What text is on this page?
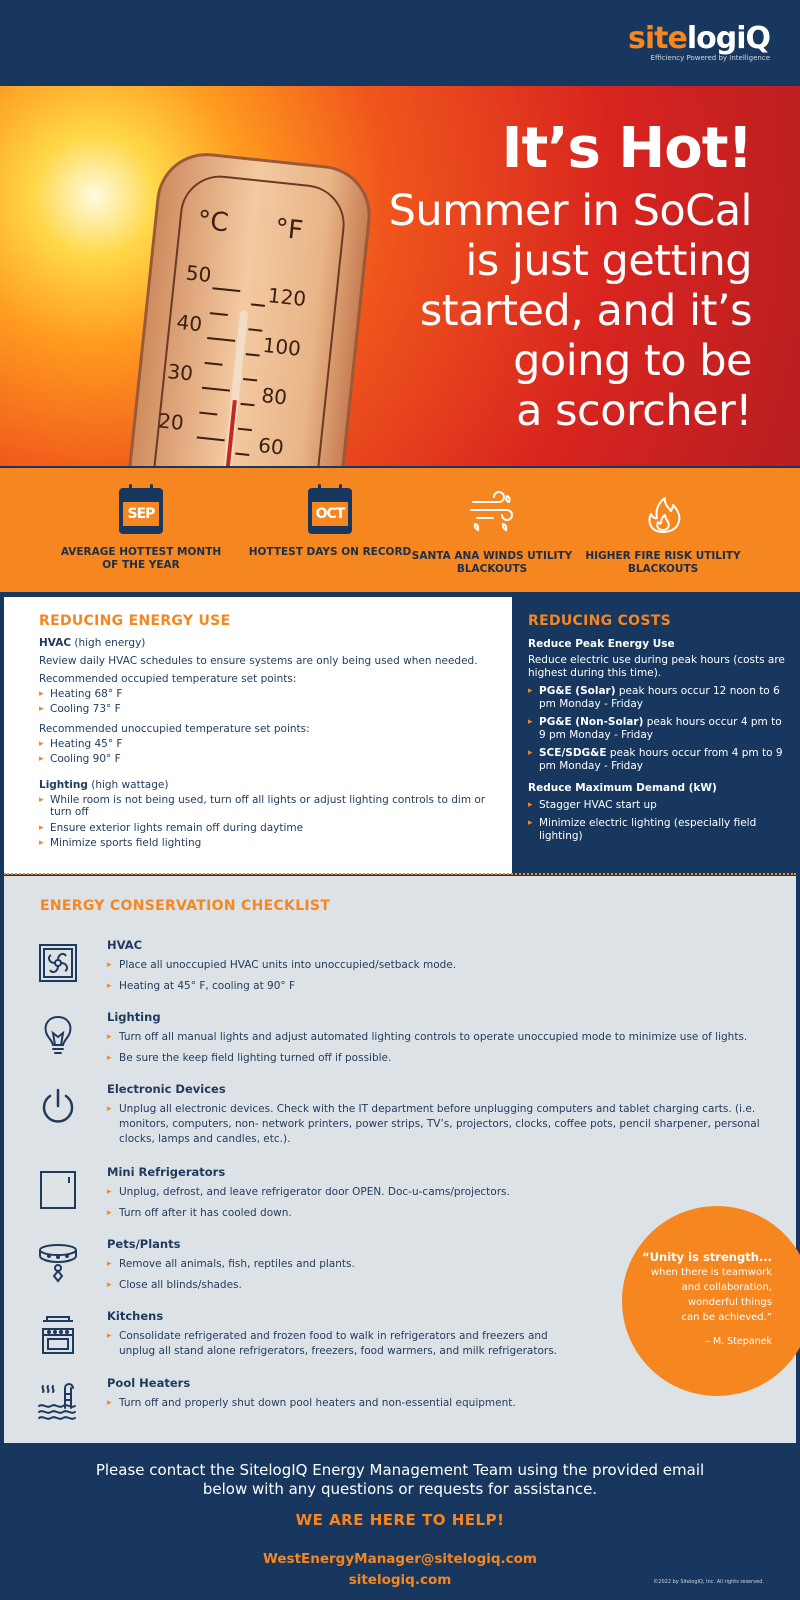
sitelogiQ
Efficiency Powered by Intelligence
°C °F
50
40
30
20
120
100
80
60
It’s Hot!
Summer in SoCal
is just getting
started, and it’s
going to be
a scorcher!
SEP
AVERAGE HOTTEST MONTH OF THE YEAR
OCT
HOTTEST DAYS ON RECORD SANTA ANA WINDS UTILITY BLACKOUTS
HIGHER FIRE RISK UTILITY BLACKOUTS
REDUCING ENERGY USE

HVAC (high energy)

Review daily HVAC schedules to ensure systems are only being used when needed.

Recommended occupied temperature set points:

▸ Heating 68° F
▸ Cooling 73° F

Recommended unoccupied temperature set points:

▸ Heating 45° F
▸ Cooling 90° F

Lighting (high wattage)

▸ While room is not being used, turn off all lights or adjust lighting controls to dim or turn off
▸ Ensure exterior lights remain off during daytime
▸ Minimize sports field lighting
REDUCING COSTS
Reduce Peak Energy Use

Reduce electric use during peak hours (costs are highest during this time).

▸ PG&E (Solar) peak hours occur 12 noon to 6 pm Monday - Friday
▸ PG&E (Non-Solar) peak hours occur 4 pm to 9 pm Monday - Friday
▸ SCE/SDG&E peak hours occur from 4 pm to 9 pm Monday - Friday
Reduce Maximum Demand (kW)
▸ Stagger HVAC start up
▸ Minimize electric lighting (especially field lighting)
ENERGY CONSERVATION CHECKLIST
HVAC
▸ Place all unoccupied HVAC units into unoccupied/setback mode.
▸ Heating at 45° F, cooling at 90° F
Lighting
▸ Turn off all manual lights and adjust automated lighting controls to operate unoccupied mode to minimize use of lights.
▸ Be sure the keep field lighting turned off if possible.
Electronic Devices
▸ Unplug all electronic devices. Check with the IT department before unplugging computers and tablet charging carts. (i.e. monitors, computers, non- network printers, power strips, TV’s, projectors, clocks, coffee pots, pencil sharpener, personal clocks, lamps and candles, etc.).
Mini Refrigerators
▸ Unplug, defrost, and leave refrigerator door OPEN. Doc-u-cams/projectors.
▸ Turn off after it has cooled down.
Pets/Plants
▸ Remove all animals, fish, reptiles and plants.
▸ Close all blinds/shades.
Kitchens
▸ Consolidate refrigerated and frozen food to walk in refrigerators and freezers and unplug all stand alone refrigerators, freezers, food warmers, and milk refrigerators.
Pool Heaters
▸ Turn off and properly shut down pool heaters and non-essential equipment.
“Unity is strength...
when there is teamwork
and collaboration,
wonderful things
can be achieved.”
– M. Stepanek
Please contact the SitelogIQ Energy Management Team using the provided email below with any questions or requests for assistance.
WE ARE HERE TO HELP!
WestEnergyManager@sitelogiq.com
sitelogiq.com	©2022 by SitelogIQ, Inc. All rights reserved.
